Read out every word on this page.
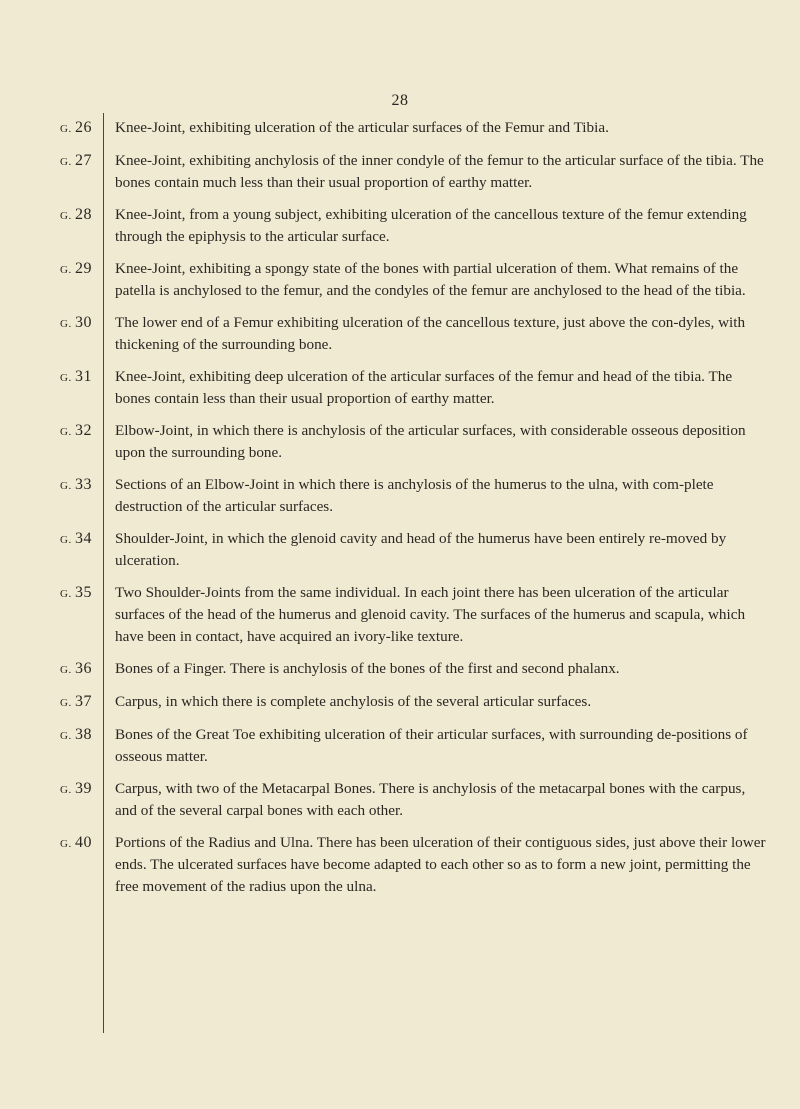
28
G. 26	Knee-Joint, exhibiting ulceration of the articular surfaces of the Femur and Tibia.
G. 27	Knee-Joint, exhibiting anchylosis of the inner condyle of the femur to the articular surface of the tibia. The bones contain much less than their usual proportion of earthy matter.
G. 28	Knee-Joint, from a young subject, exhibiting ulceration of the cancellous texture of the femur extending through the epiphysis to the articular surface.
G. 29	Knee-Joint, exhibiting a spongy state of the bones with partial ulceration of them. What remains of the patella is anchylosed to the femur, and the condyles of the femur are anchylosed to the head of the tibia.
G. 30	The lower end of a Femur exhibiting ulceration of the cancellous texture, just above the con-dyles, with thickening of the surrounding bone.
G. 31	Knee-Joint, exhibiting deep ulceration of the articular surfaces of the femur and head of the tibia. The bones contain less than their usual proportion of earthy matter.
G. 32	Elbow-Joint, in which there is anchylosis of the articular surfaces, with considerable osseous deposition upon the surrounding bone.
G. 33	Sections of an Elbow-Joint in which there is anchylosis of the humerus to the ulna, with com-plete destruction of the articular surfaces.
G. 34	Shoulder-Joint, in which the glenoid cavity and head of the humerus have been entirely re-moved by ulceration.
G. 35	Two Shoulder-Joints from the same individual. In each joint there has been ulceration of the articular surfaces of the head of the humerus and glenoid cavity. The surfaces of the humerus and scapula, which have been in contact, have acquired an ivory-like texture.
G. 36	Bones of a Finger. There is anchylosis of the bones of the first and second phalanx.
G. 37	Carpus, in which there is complete anchylosis of the several articular surfaces.
G. 38	Bones of the Great Toe exhibiting ulceration of their articular surfaces, with surrounding de-positions of osseous matter.
G. 39	Carpus, with two of the Metacarpal Bones. There is anchylosis of the metacarpal bones with the carpus, and of the several carpal bones with each other.
G. 40	Portions of the Radius and Ulna. There has been ulceration of their contiguous sides, just above their lower ends. The ulcerated surfaces have become adapted to each other so as to form a new joint, permitting the free movement of the radius upon the ulna.
